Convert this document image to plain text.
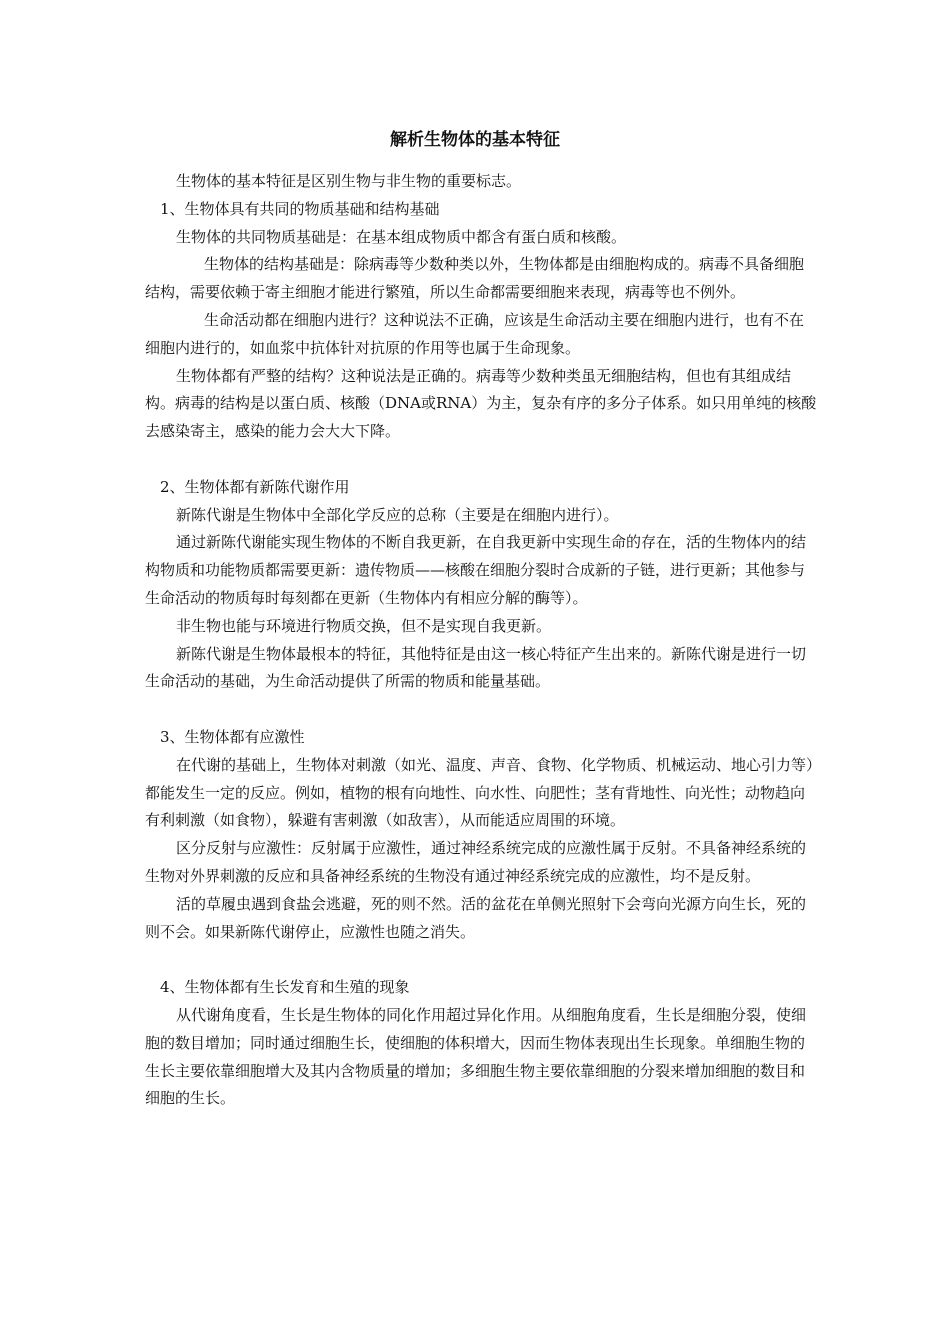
解析生物体的基本特征

生物体的基本特征是区别生物与非生物的重要标志。

1、生物体具有共同的物质基础和结构基础

生物体的共同物质基础是：在基本组成物质中都含有蛋白质和核酸。

生物体的结构基础是：除病毒等少数种类以外，生物体都是由细胞构成的。病毒不具备细胞结构，需要依赖于寄主细胞才能进行繁殖，所以生命都需要细胞来表现，病毒等也不例外。

生命活动都在细胞内进行？这种说法不正确，应该是生命活动主要在细胞内进行，也有不在细胞内进行的，如血浆中抗体针对抗原的作用等也属于生命现象。

生物体都有严整的结构？这种说法是正确的。病毒等少数种类虽无细胞结构，但也有其组成结构。病毒的结构是以蛋白质、核酸（DNA或RNA）为主，复杂有序的多分子体系。如只用单纯的核酸去感染寄主，感染的能力会大大下降。

2、生物体都有新陈代谢作用

新陈代谢是生物体中全部化学反应的总称（主要是在细胞内进行）。

通过新陈代谢能实现生物体的不断自我更新，在自我更新中实现生命的存在，活的生物体内的结构物质和功能物质都需要更新：遗传物质——核酸在细胞分裂时合成新的子链，进行更新；其他参与生命活动的物质每时每刻都在更新（生物体内有相应分解的酶等）。

非生物也能与环境进行物质交换，但不是实现自我更新。

新陈代谢是生物体最根本的特征，其他特征是由这一核心特征产生出来的。新陈代谢是进行一切生命活动的基础，为生命活动提供了所需的物质和能量基础。

3、生物体都有应激性

在代谢的基础上，生物体对刺激（如光、温度、声音、食物、化学物质、机械运动、地心引力等）都能发生一定的反应。例如，植物的根有向地性、向水性、向肥性；茎有背地性、向光性；动物趋向有利刺激（如食物），躲避有害刺激（如敌害），从而能适应周围的环境。

区分反射与应激性：反射属于应激性，通过神经系统完成的应激性属于反射。不具备神经系统的生物对外界刺激的反应和具备神经系统的生物没有通过神经系统完成的应激性，均不是反射。

活的草履虫遇到食盐会逃避，死的则不然。活的盆花在单侧光照射下会弯向光源方向生长，死的则不会。如果新陈代谢停止，应激性也随之消失。

4、生物体都有生长发育和生殖的现象

从代谢角度看，生长是生物体的同化作用超过异化作用。从细胞角度看，生长是细胞分裂，使细胞的数目增加；同时通过细胞生长，使细胞的体积增大，因而生物体表现出生长现象。单细胞生物的生长主要依靠细胞增大及其内含物质量的增加；多细胞生物主要依靠细胞的分裂来增加细胞的数目和细胞的生长。
